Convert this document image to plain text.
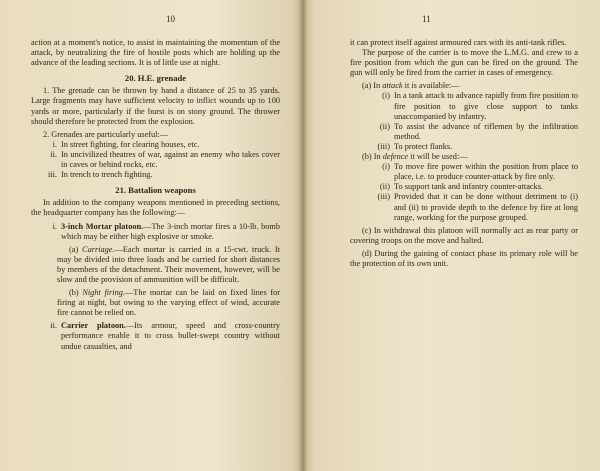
10

action at a moment's notice, to assist in maintaining the momentum of the attack, by neutralizing the fire of hostile posts which are holding up the advance of the leading sections. It is of little use at night.

20. H.E. grenade

1. The grenade can be thrown by hand a distance of 25 to 35 yards. Large fragments may have sufficient velocity to inflict wounds up to 100 yards or more, particularly if the burst is on stony ground. The thrower should therefore be protected from the explosion.

2. Grenades are particularly useful:—

i. In street fighting, for clearing houses, etc.
ii. In uncivilized theatres of war, against an enemy who takes cover in caves or behind rocks, etc.
iii. In trench to trench fighting.
21. Battalion weapons

In addition to the company weapons mentioned in preceding sections, the headquarter company has the following:—

i. 3-inch Mortar platoon.—The 3-inch mortar fires a 10-lb. bomb which may be either high explosive or smoke.

(a) Carriage.—Each mortar is carried in a 15-cwt. truck. It may be divided into three loads and be carried for short distances by members of the detachment. Their movement, however, will be slow and the provision of ammunition will be difficult.

(b) Night firing.—The mortar can be laid on fixed lines for firing at night, but owing to the varying effect of wind, accurate fire cannot be relied on.

ii. Carrier platoon.—Its armour, speed and cross-country performance enable it to cross bullet-swept country without undue casualties, and
11

it can protect itself against armoured cars with its anti-tank rifles.

The purpose of the carrier is to move the L.M.G. and crew to a fire position from which the gun can be fired on the ground. The gun will only be fired from the carrier in cases of emergency.

(a) In attack it is available:—

(i) In a tank attack to advance rapidly from fire position to fire position to give close support to tanks unaccompanied by infantry.
(ii) To assist the advance of riflemen by the infiltration method.
(iii) To protect flanks.

(b) In defence it will be used:—

(i) To move fire power within the position from place to place, i.e. to produce counter-attack by fire only.
(ii) To support tank and infantry counter-attacks.
(iii) Provided that it can be done without detriment to (i) and (ii) to provide depth to the defence by fire at long range, working for the purpose grouped.

(c) In withdrawal this platoon will normally act as rear party or covering troops on the move and halted.

(d) During the gaining of contact phase its primary role will be the protection of its own unit.
